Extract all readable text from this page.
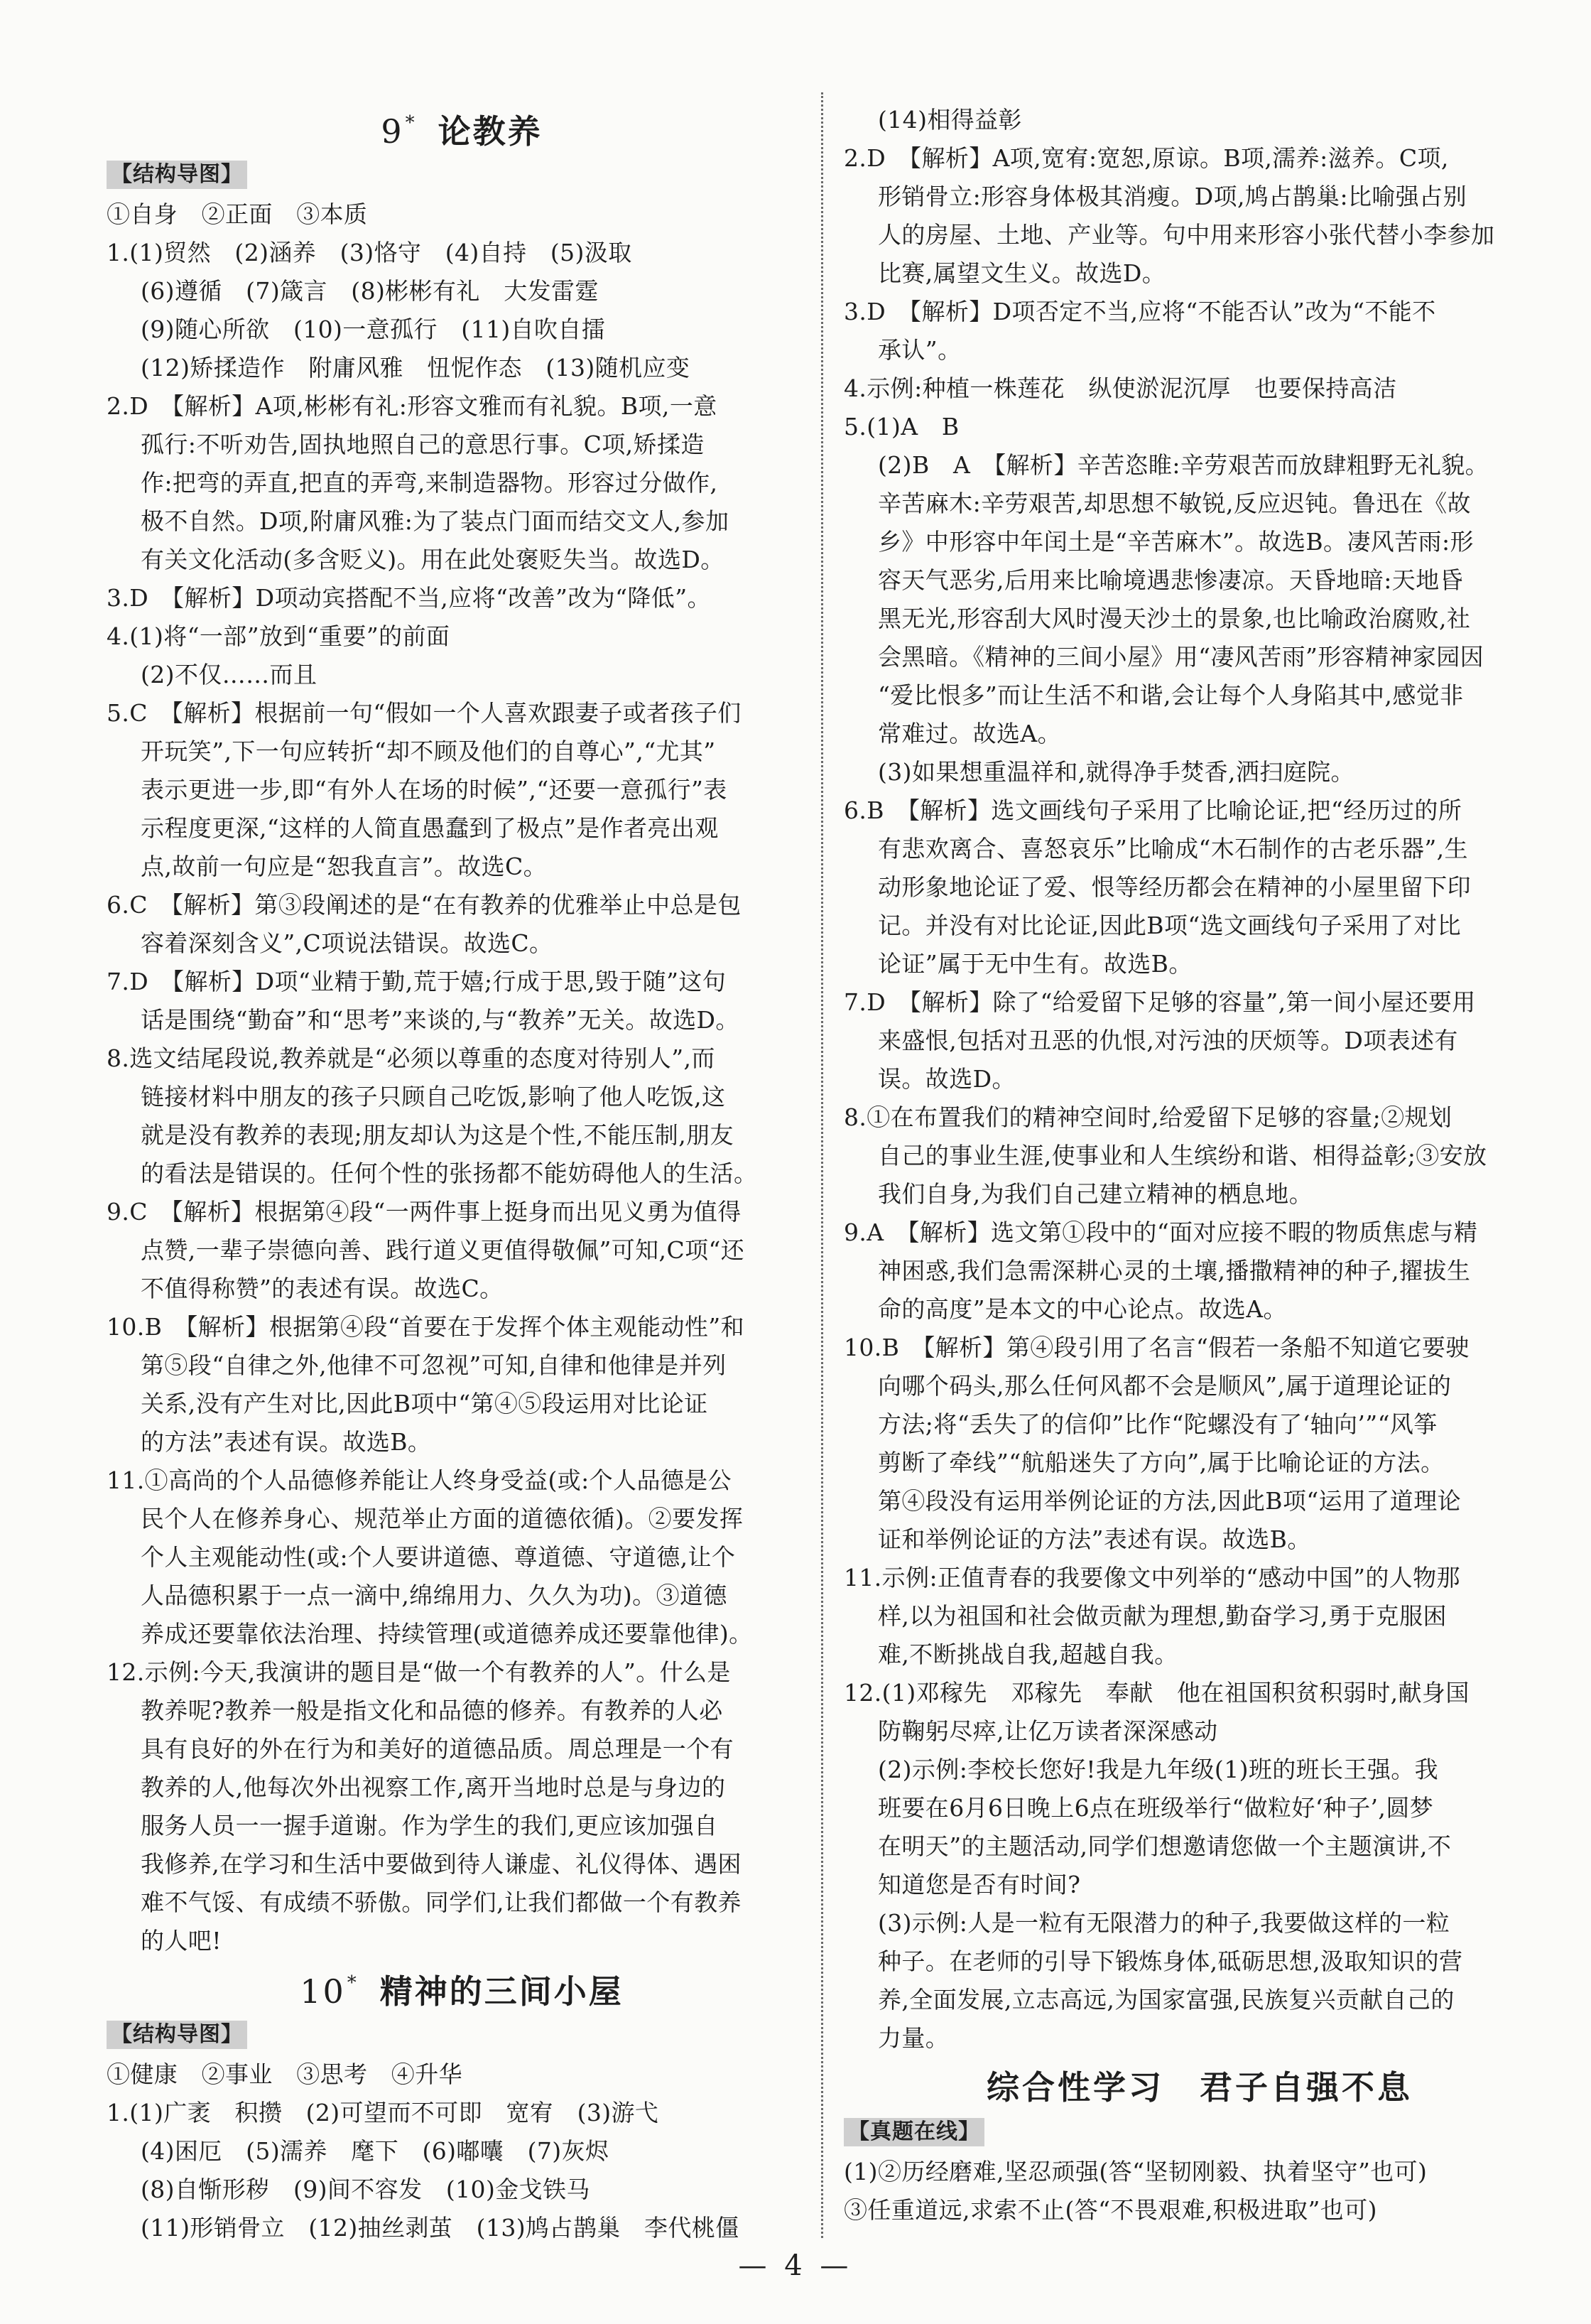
9* 论教养
【结构导图】
①自身　②正面　③本质
1.(1)贸然　(2)涵养　(3)恪守　(4)自持　(5)汲取
(6)遵循　(7)箴言　(8)彬彬有礼　大发雷霆
(9)随心所欲　(10)一意孤行　(11)自吹自擂
(12)矫揉造作　附庸风雅　忸怩作态　(13)随机应变
2.D　【解析】A项,彬彬有礼:形容文雅而有礼貌。B项,一意
孤行:不听劝告,固执地照自己的意思行事。C项,矫揉造
作:把弯的弄直,把直的弄弯,来制造器物。形容过分做作,
极不自然。D项,附庸风雅:为了装点门面而结交文人,参加
有关文化活动(多含贬义)。用在此处褒贬失当。故选D。
3.D　【解析】D项动宾搭配不当,应将“改善”改为“降低”。
4.(1)将“一部”放到“重要”的前面
(2)不仅……而且
5.C　【解析】根据前一句“假如一个人喜欢跟妻子或者孩子们
开玩笑”,下一句应转折“却不顾及他们的自尊心”,“尤其”
表示更进一步,即“有外人在场的时候”,“还要一意孤行”表
示程度更深,“这样的人简直愚蠢到了极点”是作者亮出观
点,故前一句应是“恕我直言”。故选C。
6.C　【解析】第③段阐述的是“在有教养的优雅举止中总是包
容着深刻含义”,C项说法错误。故选C。
7.D　【解析】D项“业精于勤,荒于嬉;行成于思,毁于随”这句
话是围绕“勤奋”和“思考”来谈的,与“教养”无关。故选D。
8.选文结尾段说,教养就是“必须以尊重的态度对待别人”,而
链接材料中朋友的孩子只顾自己吃饭,影响了他人吃饭,这
就是没有教养的表现;朋友却认为这是个性,不能压制,朋友
的看法是错误的。任何个性的张扬都不能妨碍他人的生活。
9.C　【解析】根据第④段“一两件事上挺身而出见义勇为值得
点赞,一辈子崇德向善、践行道义更值得敬佩”可知,C项“还
不值得称赞”的表述有误。故选C。
10.B　【解析】根据第④段“首要在于发挥个体主观能动性”和
第⑤段“自律之外,他律不可忽视”可知,自律和他律是并列
关系,没有产生对比,因此B项中“第④⑤段运用对比论证
的方法”表述有误。故选B。
11.①高尚的个人品德修养能让人终身受益(或:个人品德是公
民个人在修养身心、规范举止方面的道德依循)。②要发挥
个人主观能动性(或:个人要讲道德、尊道德、守道德,让个
人品德积累于一点一滴中,绵绵用力、久久为功)。③道德
养成还要靠依法治理、持续管理(或道德养成还要靠他律)。
12.示例:今天,我演讲的题目是“做一个有教养的人”。什么是
教养呢?教养一般是指文化和品德的修养。有教养的人必
具有良好的外在行为和美好的道德品质。周总理是一个有
教养的人,他每次外出视察工作,离开当地时总是与身边的
服务人员一一握手道谢。作为学生的我们,更应该加强自
我修养,在学习和生活中要做到待人谦虚、礼仪得体、遇困
难不气馁、有成绩不骄傲。同学们,让我们都做一个有教养
的人吧!
10* 精神的三间小屋
【结构导图】
①健康　②事业　③思考　④升华
1.(1)广袤　积攒　(2)可望而不可即　宽宥　(3)游弋
(4)困厄　(5)濡养　麾下　(6)嘟囔　(7)灰烬
(8)自惭形秽　(9)间不容发　(10)金戈铁马
(11)形销骨立　(12)抽丝剥茧　(13)鸠占鹊巢　李代桃僵
(14)相得益彰
2.D　【解析】A项,宽宥:宽恕,原谅。B项,濡养:滋养。C项,
形销骨立:形容身体极其消瘦。D项,鸠占鹊巢:比喻强占别
人的房屋、土地、产业等。句中用来形容小张代替小李参加
比赛,属望文生义。故选D。
3.D　【解析】D项否定不当,应将“不能否认”改为“不能不
承认”。
4.示例:种植一株莲花　纵使淤泥沉厚　也要保持高洁
5.(1)A　B
(2)B　A　【解析】辛苦恣睢:辛劳艰苦而放肆粗野无礼貌。
辛苦麻木:辛劳艰苦,却思想不敏锐,反应迟钝。鲁迅在《故
乡》中形容中年闰土是“辛苦麻木”。故选B。凄风苦雨:形
容天气恶劣,后用来比喻境遇悲惨凄凉。天昏地暗:天地昏
黑无光,形容刮大风时漫天沙土的景象,也比喻政治腐败,社
会黑暗。《精神的三间小屋》用“凄风苦雨”形容精神家园因
“爱比恨多”而让生活不和谐,会让每个人身陷其中,感觉非
常难过。故选A。
(3)如果想重温祥和,就得净手焚香,洒扫庭院。
6.B　【解析】选文画线句子采用了比喻论证,把“经历过的所
有悲欢离合、喜怒哀乐”比喻成“木石制作的古老乐器”,生
动形象地论证了爱、恨等经历都会在精神的小屋里留下印
记。并没有对比论证,因此B项“选文画线句子采用了对比
论证”属于无中生有。故选B。
7.D　【解析】除了“给爱留下足够的容量”,第一间小屋还要用
来盛恨,包括对丑恶的仇恨,对污浊的厌烦等。D项表述有
误。故选D。
8.①在布置我们的精神空间时,给爱留下足够的容量;②规划
自己的事业生涯,使事业和人生缤纷和谐、相得益彰;③安放
我们自身,为我们自己建立精神的栖息地。
9.A　【解析】选文第①段中的“面对应接不暇的物质焦虑与精
神困惑,我们急需深耕心灵的土壤,播撒精神的种子,擢拔生
命的高度”是本文的中心论点。故选A。
10.B　【解析】第④段引用了名言“假若一条船不知道它要驶
向哪个码头,那么任何风都不会是顺风”,属于道理论证的
方法;将“丢失了的信仰”比作“陀螺没有了‘轴向’”“风筝
剪断了牵线”“航船迷失了方向”,属于比喻论证的方法。
第④段没有运用举例论证的方法,因此B项“运用了道理论
证和举例论证的方法”表述有误。故选B。
11.示例:正值青春的我要像文中列举的“感动中国”的人物那
样,以为祖国和社会做贡献为理想,勤奋学习,勇于克服困
难,不断挑战自我,超越自我。
12.(1)邓稼先　邓稼先　奉献　他在祖国积贫积弱时,献身国
防鞠躬尽瘁,让亿万读者深深感动
(2)示例:李校长您好!我是九年级(1)班的班长王强。我
班要在6月6日晚上6点在班级举行“做粒好‘种子’,圆梦
在明天”的主题活动,同学们想邀请您做一个主题演讲,不
知道您是否有时间?
(3)示例:人是一粒有无限潜力的种子,我要做这样的一粒
种子。在老师的引导下锻炼身体,砥砺思想,汲取知识的营
养,全面发展,立志高远,为国家富强,民族复兴贡献自己的
力量。
综合性学习　君子自强不息
【真题在线】
(1)②历经磨难,坚忍顽强(答“坚韧刚毅、执着坚守”也可)
③任重道远,求索不止(答“不畏艰难,积极进取”也可)
— 4 —
